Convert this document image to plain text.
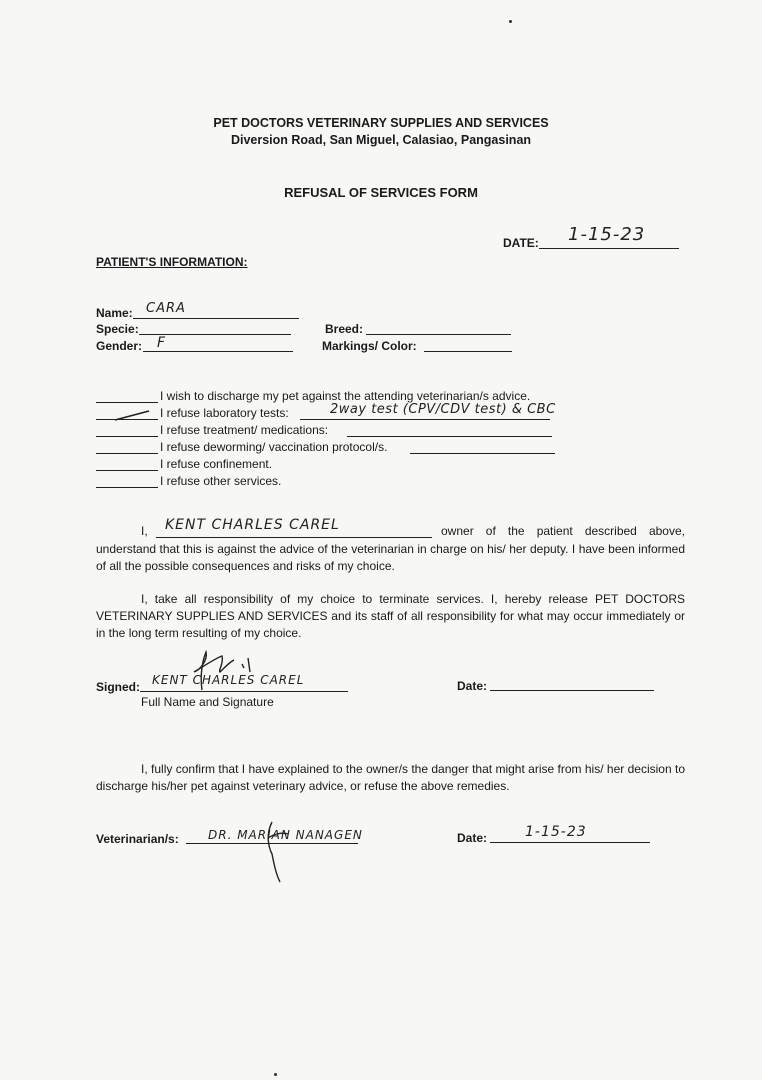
PET DOCTORS VETERINARY SUPPLIES AND SERVICES
Diversion Road, San Miguel, Calasiao, Pangasinan
REFUSAL OF SERVICES FORM
DATE: 1-15-23
PATIENT'S INFORMATION:
Name: CARA
Specie:
Gender: F
Breed:
Markings/ Color:
I wish to discharge my pet against the attending veterinarian/s advice.
I refuse laboratory tests:	2way test (CPV/CDV test) & CBC
I refuse treatment/ medications:
I refuse deworming/ vaccination protocol/s.
I refuse confinement.
I refuse other services.
I, KENT CHARLES CAREL	owner of the patient described above,
understand that this is against the advice of the veterinarian in charge on his/ her deputy. I have been informed of all the possible consequences and risks of my choice.
I, take all responsibility of my choice to terminate services. I, hereby release PET DOCTORS VETERINARY SUPPLIES AND SERVICES and its staff of all responsibility for what may occur immediately or in the long term resulting of my choice.
Signed: KENT CHARLES CAREL
Full Name and Signature
Date:
I, fully confirm that I have explained to the owner/s the danger that might arise from his/ her decision to discharge his/her pet against veterinary advice, or refuse the above remedies.
Veterinarian/s: DR. MARIAN NANAGEN	Date:	1-15-23
